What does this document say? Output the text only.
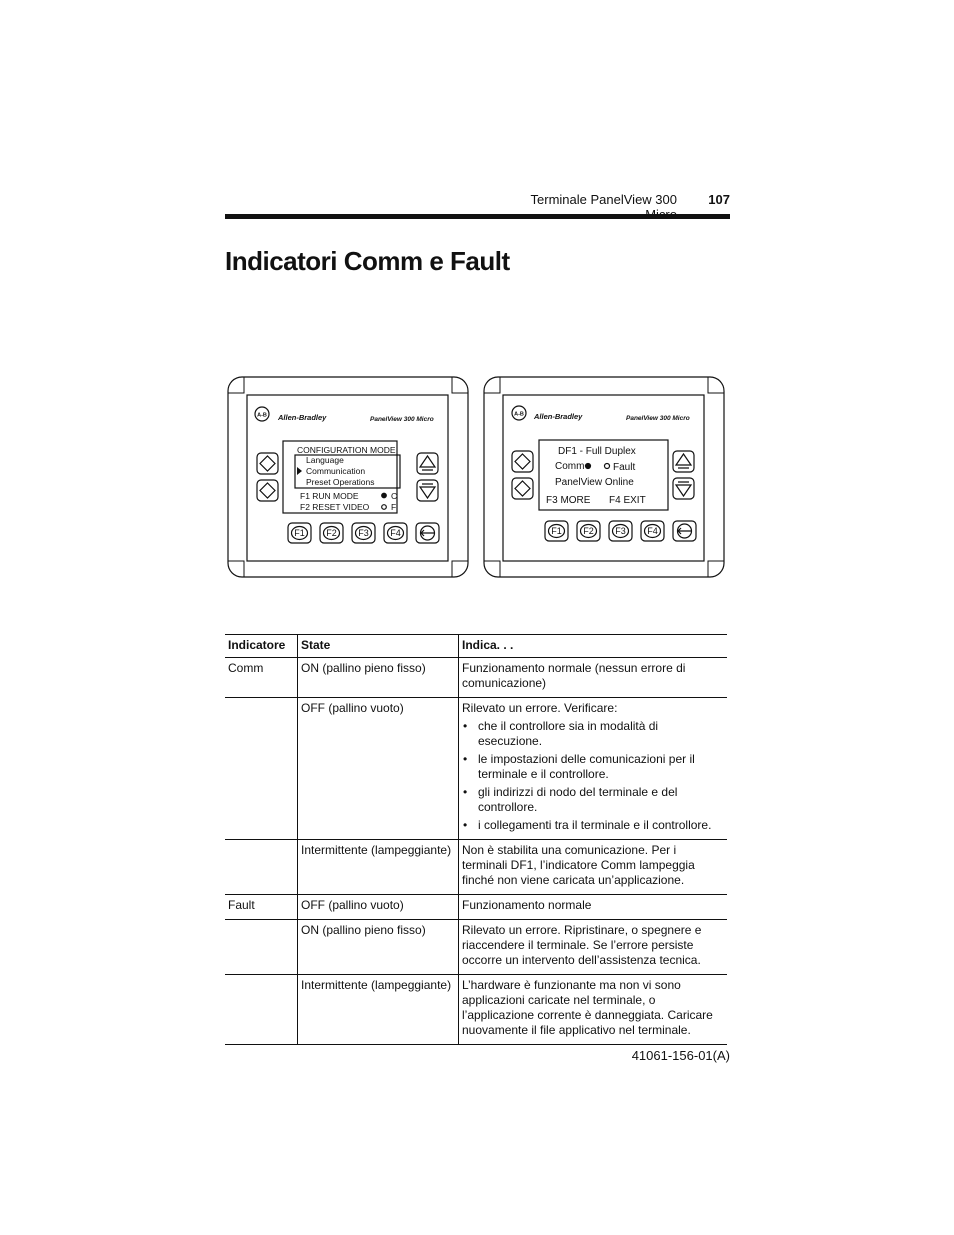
Terminale PanelView 300	107
Indicatori Comm e Fault
A-B Allen-Bradley	PanelView 300 Micro
CONFIGURATION MODE
Language
Communication
Preset Operations
F1 RUN MODE
F2 RESET VIDEO
C
F
F1 F2 F3 F4
A-B Allen-Bradley	PanelView 300 Micro
DF1 - Full Duplex
Comm	Fault
PanelView Online
F3 MORE F4 EXIT
F1 F2 F3 F4
Indicatore	State	Indica. . .
Comm	ON (pallino pieno fisso)	Funzionamento normale (nessun errore di comunicazione)
	OFF (pallino vuoto)	Rilevato un errore. Verificare:
• che il controllore sia in modalità di esecuzione.
• le impostazioni delle comunicazioni per il terminale e il controllore.
• gli indirizzi di nodo del terminale e del controllore.
• i collegamenti tra il terminale e il controllore.

	Intermittente (lampeggiante)	Non è stabilita una comunicazione. Per i terminali DF1, l’indicatore Comm lampeggia finché non viene caricata un’applicazione.
Fault	OFF (pallino vuoto)	Funzionamento normale
	ON (pallino pieno fisso)	Rilevato un errore. Ripristinare, o spegnere e riaccendere il terminale. Se l’errore persiste occorre un intervento dell’assistenza tecnica.
	Intermittente (lampeggiante)	L’hardware è funzionante ma non vi sono applicazioni caricate nel terminale, o l’applicazione corrente è danneggiata. Caricare nuovamente il file applicativo nel terminale.
41061-156-01(A)
